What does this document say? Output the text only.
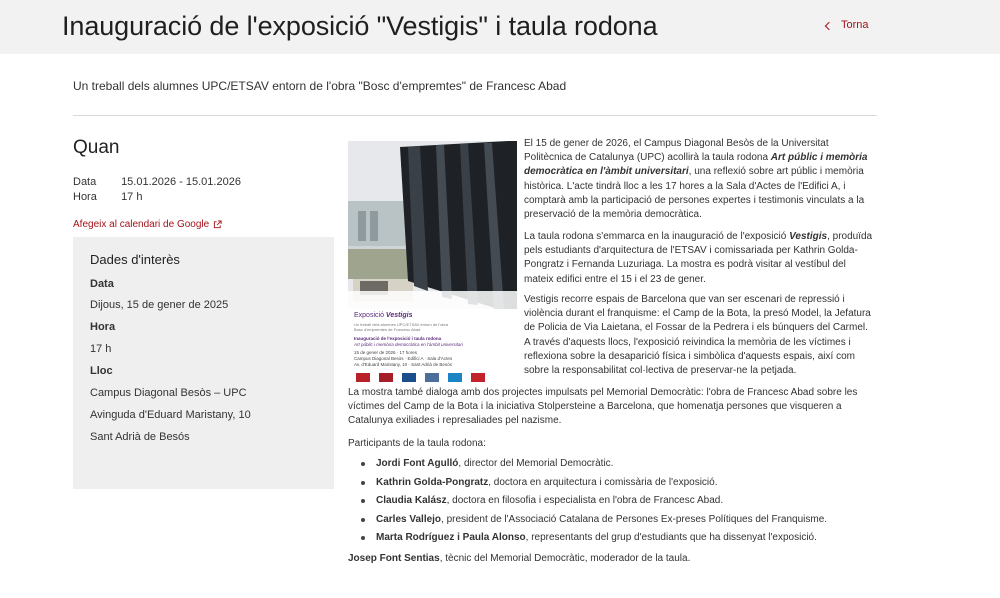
Inauguració de l'exposició "Vestigis" i taula rodona	Torna
Un treball dels alumnes UPC/ETSAV entorn de l'obra "Bosc d'empremtes" de Francesc Abad
Quan
Data 15.01.2026 - 15.01.2026
Hora 17 h
Afegeix al calendari de Google
Dades d'interès
Data
Dijous, 15 de gener de 2025
Hora
17 h
Lloc
Campus Diagonal Besòs – UPC
Avinguda d'Eduard Maristany, 10
Sant Adrià de Besós
Exposició Vestigis
Un treball dels alumnes UPC/ETSAV entorn de l'obra
Bosc d'empremtes de Francesc Abad
Inauguració de l'exposició i taula rodona
Art públic i memòria democràtica en l'àmbit universitari
15 de gener de 2026 · 17 hores
Campus Diagonal Besòs · Edifici A · Sala d'Actes
Av. d'Eduard Maristany, 10 · Sant Adrià de Besòs

El 15 de gener de 2026, el Campus Diagonal Besòs de la Universitat Politècnica de Catalunya (UPC) acollirà la taula rodona Art públic i memòria democràtica en l'àmbit universitari, una reflexió sobre art públic i memòria històrica. L'acte tindrà lloc a les 17 hores a la Sala d'Actes de l'Edifici A, i comptarà amb la participació de persones expertes i testimonis vinculats a la preservació de la memòria democràtica.

La taula rodona s'emmarca en la inauguració de l'exposició Vestigis, produïda pels estudiants d'arquitectura de l'ETSAV i comissariada per Kathrin Golda-Pongratz i Fernanda Luzuriaga. La mostra es podrà visitar al vestíbul del mateix edifici entre el 15 i el 23 de gener.

Vestigis recorre espais de Barcelona que van ser escenari de repressió i violència durant el franquisme: el Camp de la Bota, la presó Model, la Jefatura de Policia de Via Laietana, el Fossar de la Pedrera i els búnquers del Carmel. A través d'aquests llocs, l'exposició reivindica la memòria de les víctimes i reflexiona sobre la desaparició física i simbòlica d'aquests espais, així com sobre la responsabilitat col·lectiva de preservar-ne la petjada.

La mostra també dialoga amb dos projectes impulsats pel Memorial Democràtic: l'obra de Francesc Abad sobre les víctimes del Camp de la Bota i la iniciativa Stolpersteine a Barcelona, que homenatja persones que visqueren a Catalunya exiliades i represaliades pel nazisme.

Participants de la taula rodona:

Jordi Font Agulló, director del Memorial Democràtic.
Kathrin Golda-Pongratz, doctora en arquitectura i comissària de l'exposició.
Claudia Kalász, doctora en filosofia i especialista en l'obra de Francesc Abad.
Carles Vallejo, president de l'Associació Catalana de Persones Ex-preses Polítiques del Franquisme.
Marta Rodríguez i Paula Alonso, representants del grup d'estudiants que ha dissenyat l'exposició.

Josep Font Sentias, tècnic del Memorial Democràtic, moderador de la taula.
